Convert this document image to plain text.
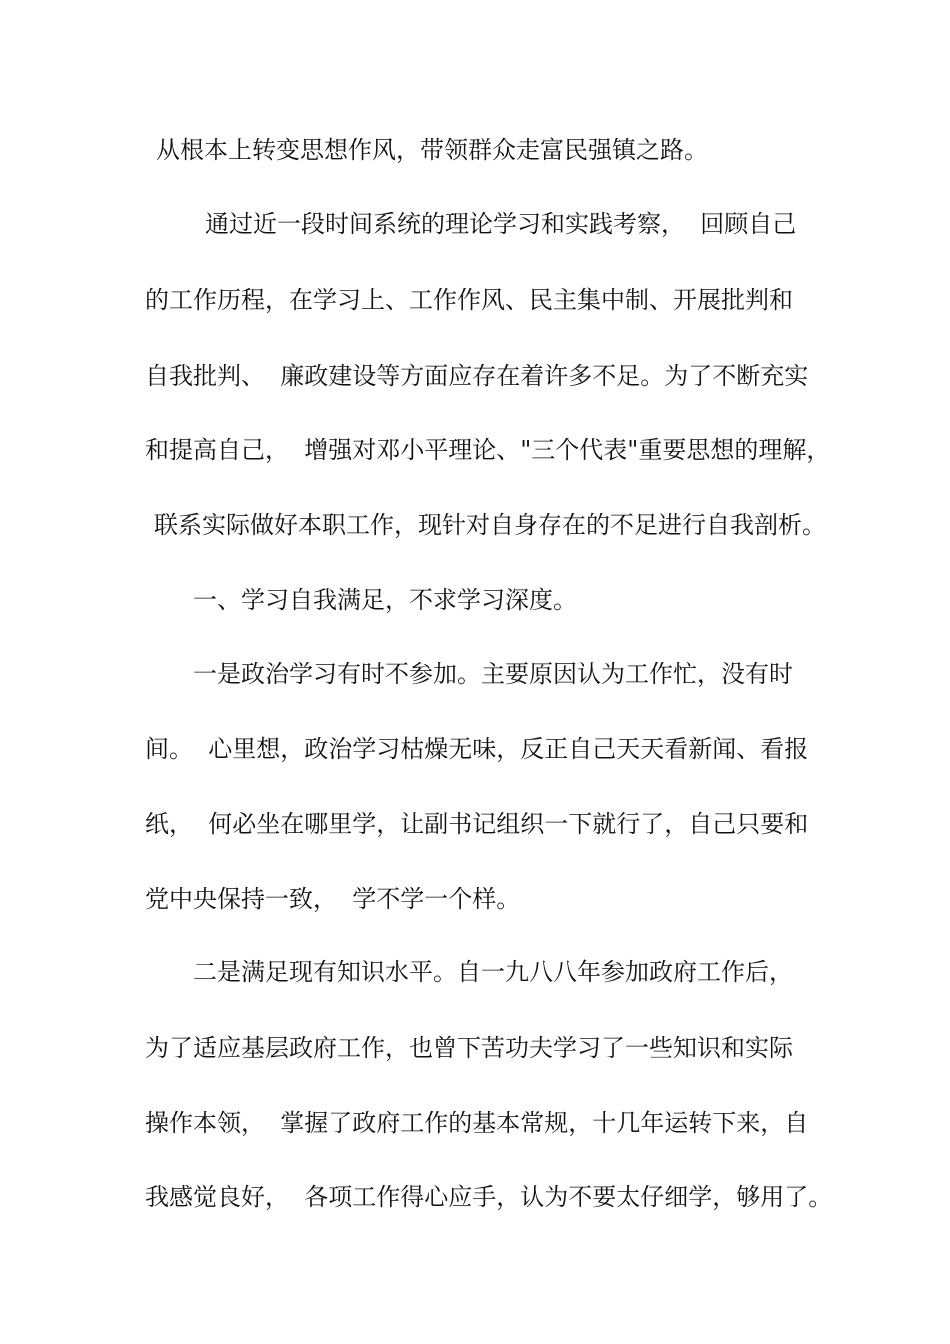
从根本上转变思想作风，带领群众走富民强镇之路。
通过近一段时间系统的理论学习和实践考察，  回顾自己
的工作历程，在学习上、工作作风、民主集中制、开展批判和
自我批判、  廉政建设等方面应存在着许多不足。为了不断充实
和提高自己，  增强对邓小平理论、"三个代表"重要思想的理解，
联系实际做好本职工作，现针对自身存在的不足进行自我剖析。
一、学习自我满足，不求学习深度。
一是政治学习有时不参加。主要原因认为工作忙，没有时
间。  心里想，政治学习枯燥无味，反正自己天天看新闻、看报
纸，  何必坐在哪里学，让副书记组织一下就行了，自己只要和
党中央保持一致，  学不学一个样。
二是满足现有知识水平。自一九八八年参加政府工作后，
为了适应基层政府工作，也曾下苦功夫学习了一些知识和实际
操作本领，  掌握了政府工作的基本常规，十几年运转下来，自
我感觉良好，  各项工作得心应手，认为不要太仔细学，够用了。
